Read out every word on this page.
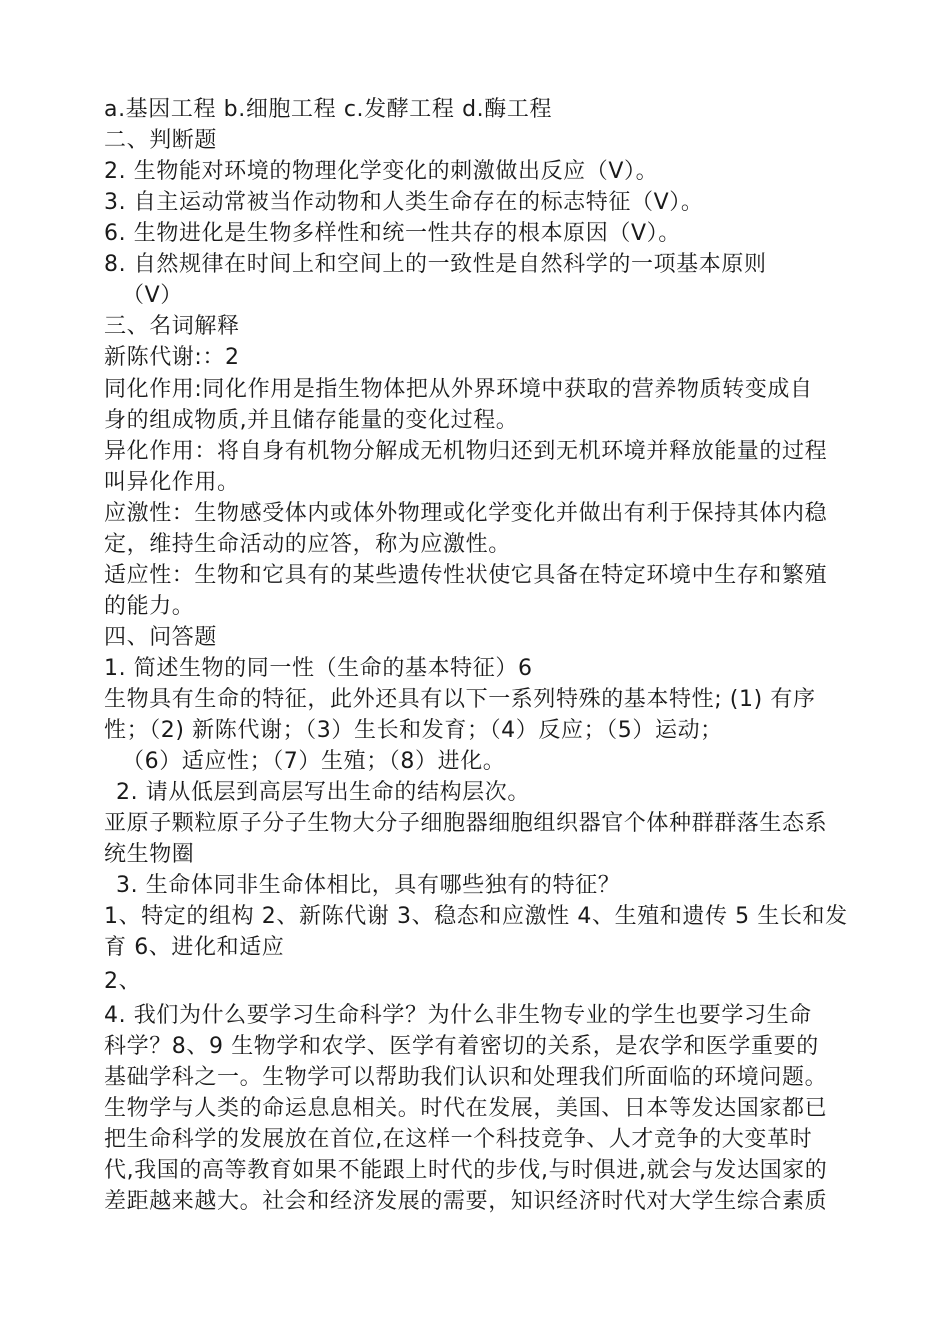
a.基因工程 b.细胞工程 c.发酵工程 d.酶工程
二、判断题
2. 生物能对环境的物理化学变化的刺激做出反应（V）。
3. 自主运动常被当作动物和人类生命存在的标志特征（V）。
6. 生物进化是生物多样性和统一性共存的根本原因（V）。
8. 自然规律在时间上和空间上的一致性是自然科学的一项基本原则
（V）
三、名词解释
新陈代谢:：2
同化作用:同化作用是指生物体把从外界环境中获取的营养物质转变成自
身的组成物质,并且储存能量的变化过程。
异化作用：将自身有机物分解成无机物归还到无机环境并释放能量的过程
叫异化作用。
应激性：生物感受体内或体外物理或化学变化并做出有利于保持其体内稳
定，维持生命活动的应答，称为应激性。
适应性：生物和它具有的某些遗传性状使它具备在特定环境中生存和繁殖
的能力。
四、问答题
1. 简述生物的同一性（生命的基本特征）6
生物具有生命的特征，此外还具有以下一系列特殊的基本特性; (1) 有序
性；（2) 新陈代谢；（3）生长和发育；（4）反应；（5）运动；
（6）适应性；（7）生殖；（8）进化。
2. 请从低层到高层写出生命的结构层次。
亚原子颗粒原子分子生物大分子细胞器细胞组织器官个体种群群落生态系
统生物圈
3. 生命体同非生命体相比，具有哪些独有的特征？
1、特定的组构 2、新陈代谢 3、稳态和应激性 4、生殖和遗传 5 生长和发
育 6、进化和适应
2、
4. 我们为什么要学习生命科学？为什么非生物专业的学生也要学习生命
科学？8、9 生物学和农学、医学有着密切的关系，是农学和医学重要的
基础学科之一。生物学可以帮助我们认识和处理我们所面临的环境问题。
生物学与人类的命运息息相关。时代在发展，美国、日本等发达国家都已
把生命科学的发展放在首位,在这样一个科技竞争、人才竞争的大变革时
代,我国的高等教育如果不能跟上时代的步伐,与时俱进,就会与发达国家的
差距越来越大。社会和经济发展的需要，知识经济时代对大学生综合素质
